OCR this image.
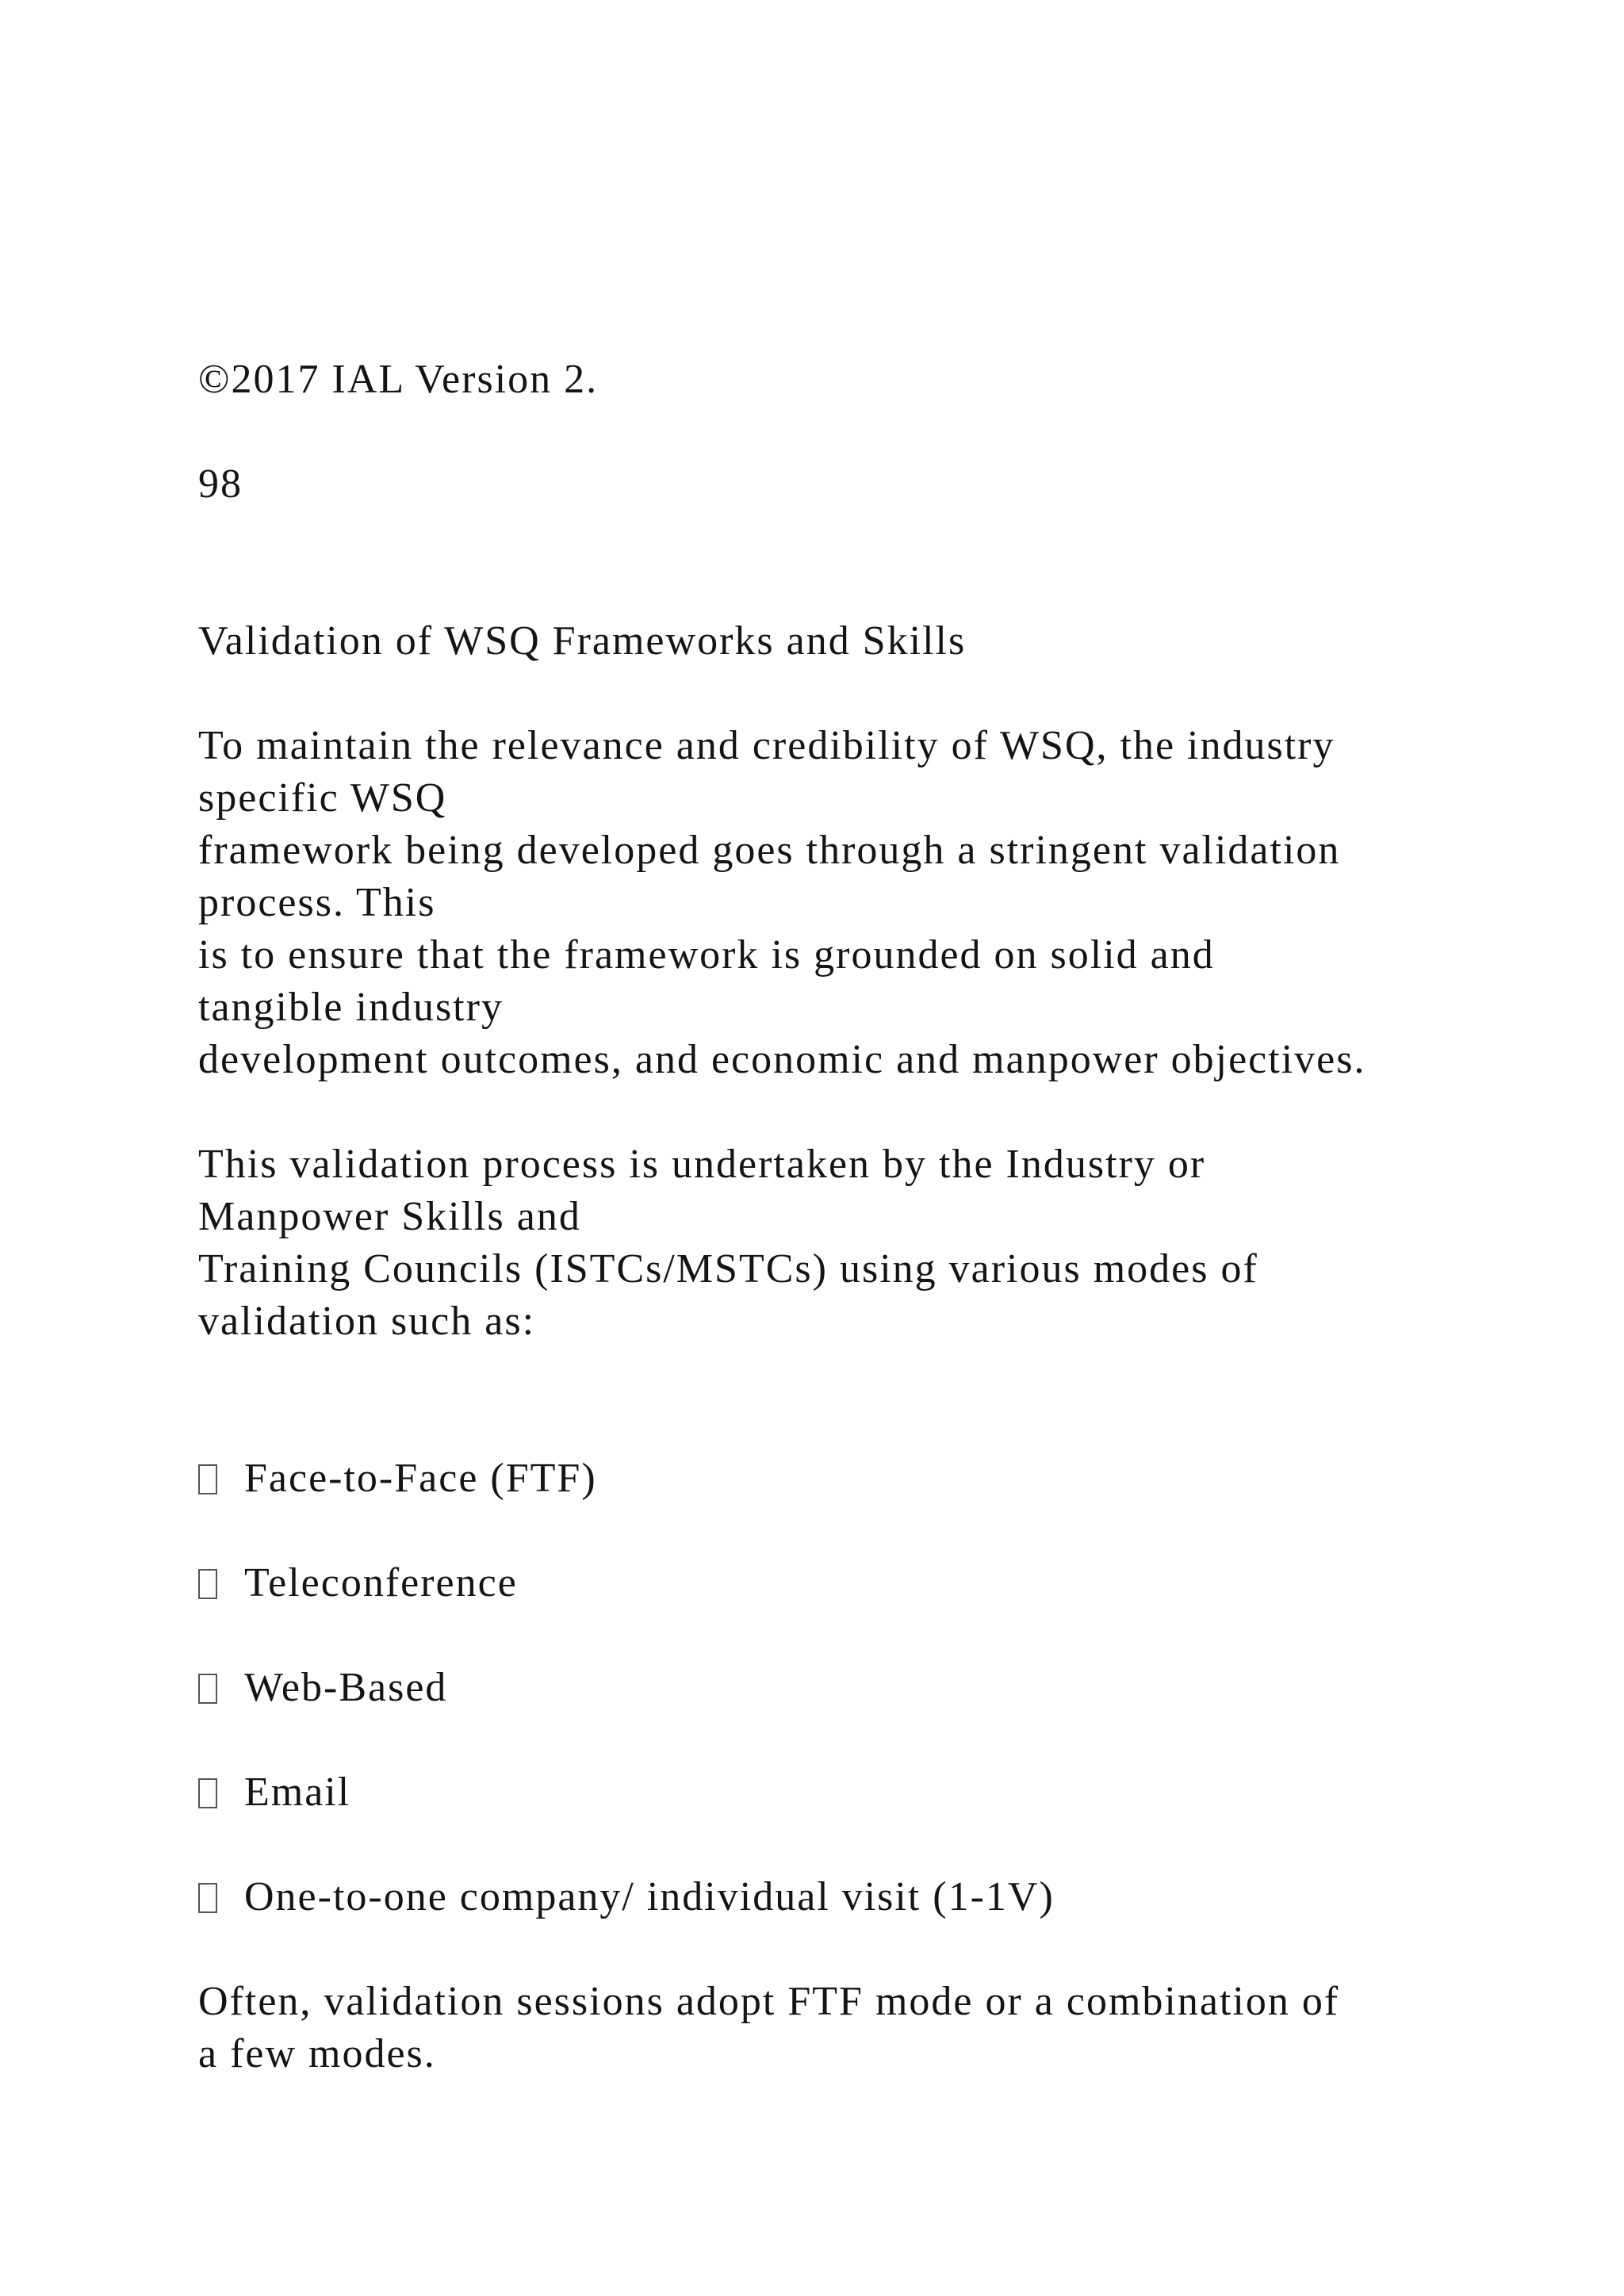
©2017 IAL Version 2.
98
Validation of WSQ Frameworks and Skills
To maintain the relevance and credibility of WSQ, the industry
specific WSQ
framework being developed goes through a stringent validation
process. This
is to ensure that the framework is grounded on solid and
tangible industry
development outcomes, and economic and manpower objectives.
This validation process is undertaken by the Industry or
Manpower Skills and
Training Councils (ISTCs/MSTCs) using various modes of
validation such as:
Face-to-Face (FTF)
Teleconference
Web-Based
Email
One-to-one company/ individual visit (1-1V)
Often, validation sessions adopt FTF mode or a combination of
a few modes.
